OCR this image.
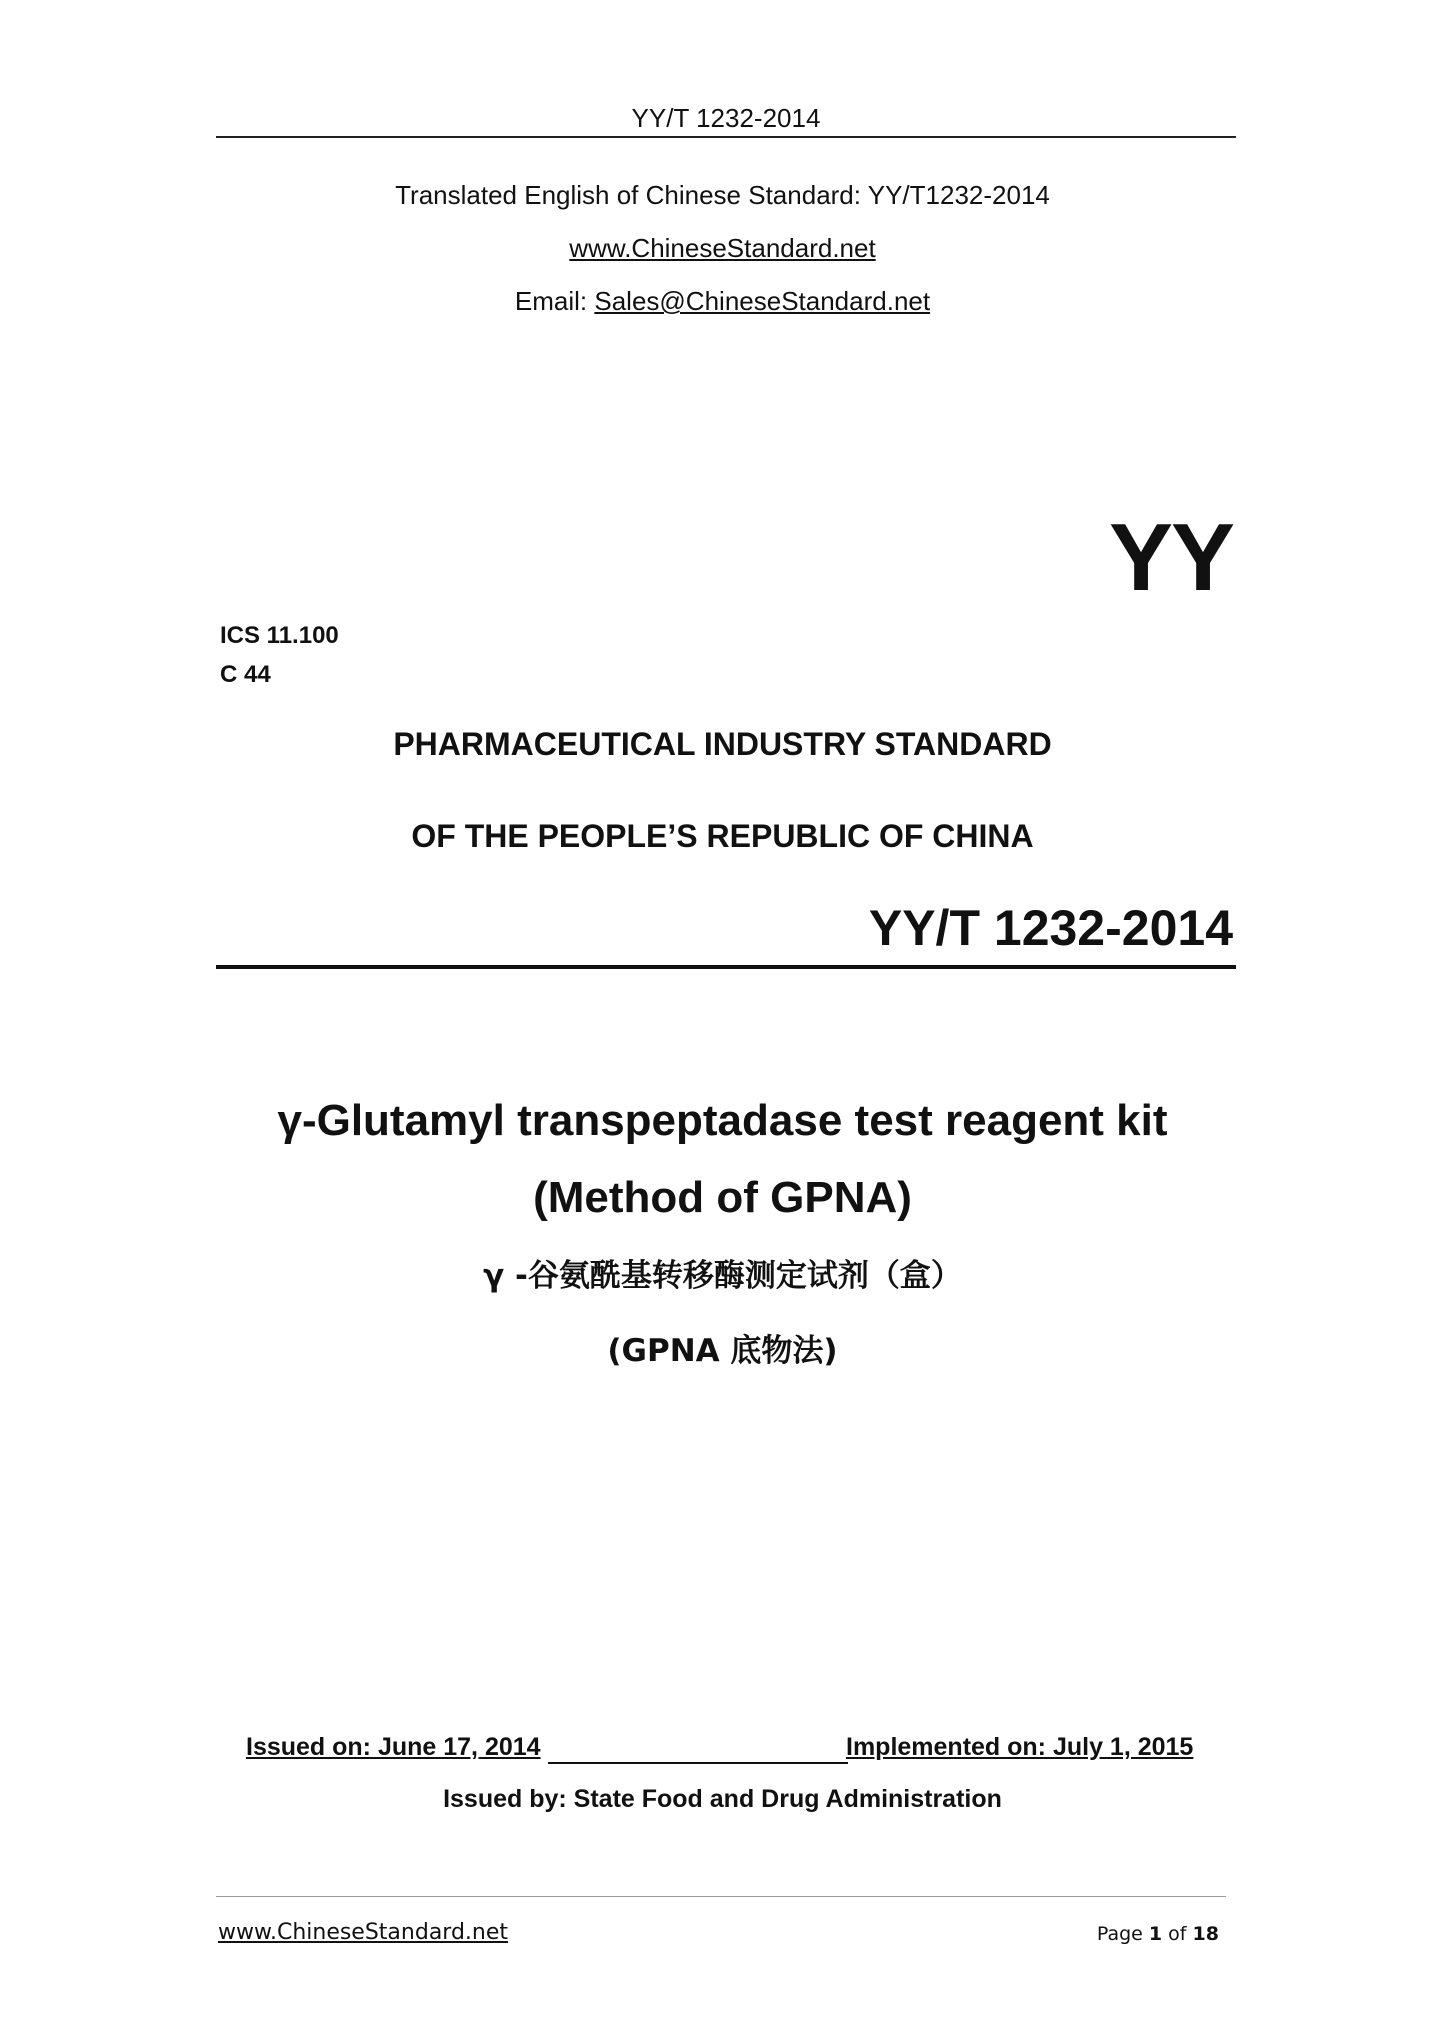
YY/T 1232-2014
Translated English of Chinese Standard: YY/T1232-2014
www.ChineseStandard.net
Email: Sales@ChineseStandard.net
YY
ICS 11.100
C 44
PHARMACEUTICAL INDUSTRY STANDARD
OF THE PEOPLE’S REPUBLIC OF CHINA
YY/T 1232-2014
γ-Glutamyl transpeptadase test reagent kit
(Method of GPNA)
γ -谷氨酰基转移酶测定试剂（盒）
(GPNA 底物法)
Issued on: June 17, 2014	Implemented on: July 1, 2015
Issued by: State Food and Drug Administration
www.ChineseStandard.net	Page 1 of 18
